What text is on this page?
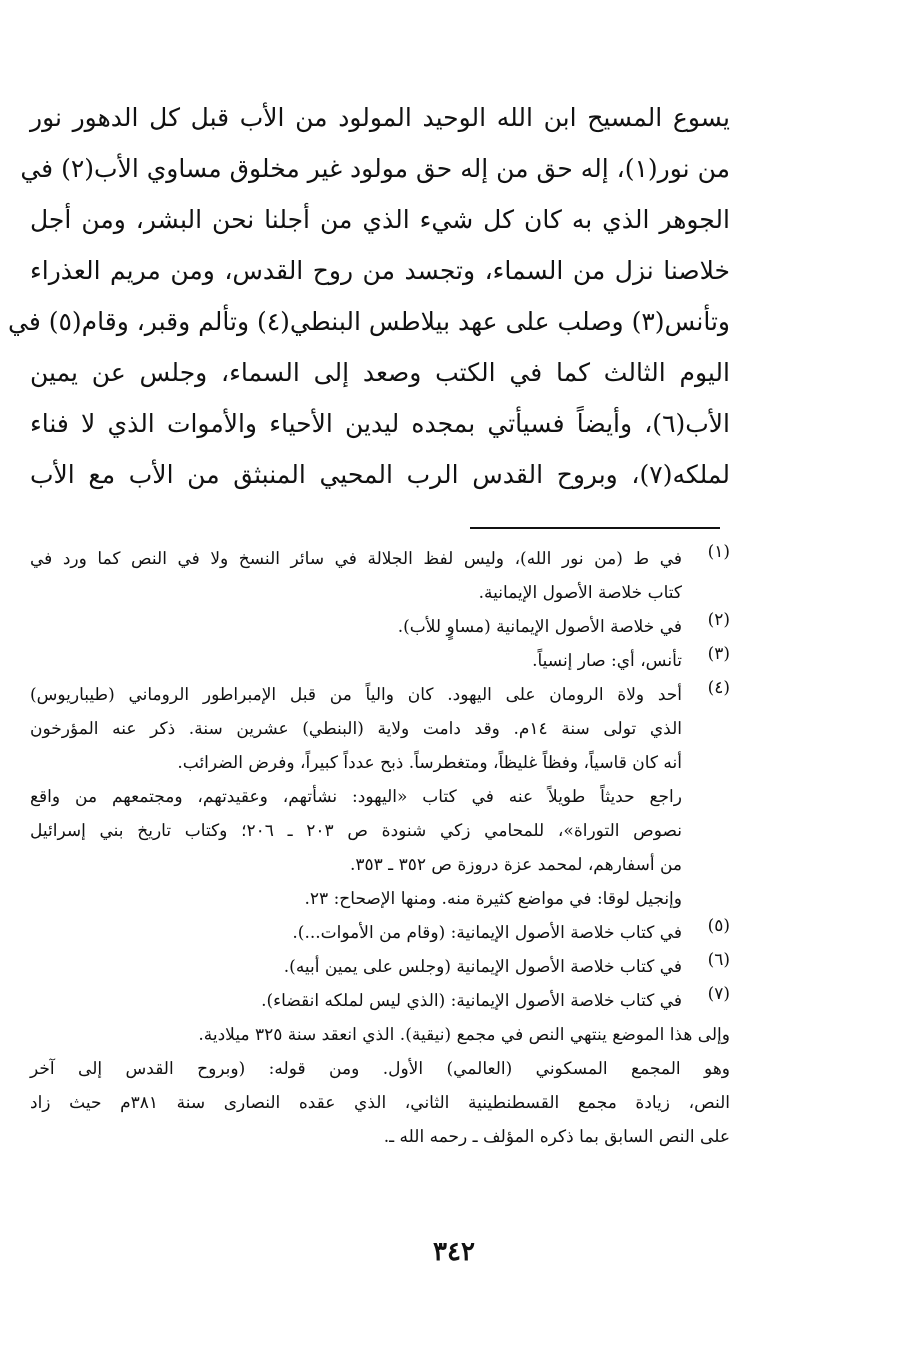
يسوع المسيح ابن الله الوحيد المولود من الأب قبل كل الدهور نور
من نور(١)، إله حق من إله حق مولود غير مخلوق مساوي الأب(٢) في
الجوهر الذي به كان كل شيء الذي من أجلنا نحن البشر، ومن أجل
خلاصنا نزل من السماء، وتجسد من روح القدس، ومن مريم العذراء
وتأنس(٣) وصلب على عهد بيلاطس البنطي(٤) وتألم وقبر، وقام(٥) في
اليوم الثالث كما في الكتب وصعد إلى السماء، وجلس عن يمين
الأب(٦)، وأيضاً فسيأتي بمجده ليدين الأحياء والأموات الذي لا فناء
لملكه(٧)، وبروح القدس الرب المحيي المنبثق من الأب مع الأب
(١)
في ط (من نور الله)، وليس لفظ الجلالة في سائر النسخ ولا في النص كما ورد في
كتاب خلاصة الأصول الإيمانية.
(٢)
في خلاصة الأصول الإيمانية (مساوٍ للأب).
(٣)
تأنس، أي: صار إنسياً.
(٤)
أحد ولاة الرومان على اليهود. كان والياً من قبل الإمبراطور الروماني (طيباريوس)
الذي تولى سنة ١٤م. وقد دامت ولاية (البنطي) عشرين سنة. ذكر عنه المؤرخون
أنه كان قاسياً، وفظاً غليظاً، ومتغطرساً. ذبح عدداً كبيراً، وفرض الضرائب.
راجع حديثاً طويلاً عنه في كتاب «اليهود: نشأتهم، وعقيدتهم، ومجتمعهم من واقع
نصوص التوراة»، للمحامي زكي شنودة ص ٢٠٣ ـ ٢٠٦؛ وكتاب تاريخ بني إسرائيل
من أسفارهم، لمحمد عزة دروزة ص ٣٥٢ ـ ٣٥٣.
وإنجيل لوقا: في مواضع كثيرة منه. ومنها الإصحاح: ٢٣.
(٥)
في كتاب خلاصة الأصول الإيمانية: (وقام من الأموات...).
(٦)
في كتاب خلاصة الأصول الإيمانية (وجلس على يمين أبيه).
(٧)
في كتاب خلاصة الأصول الإيمانية: (الذي ليس لملكه انقضاء).
وإلى هذا الموضع ينتهي النص في مجمع (نيقية). الذي انعقد سنة ٣٢٥ ميلادية.
وهو المجمع المسكوني (العالمي) الأول. ومن قوله: (وبروح القدس إلى آخر
النص، زيادة مجمع القسطنطينية الثاني، الذي عقده النصارى سنة ٣٨١م حيث زاد
على النص السابق بما ذكره المؤلف ـ رحمه الله ـ.
٣٤٢
